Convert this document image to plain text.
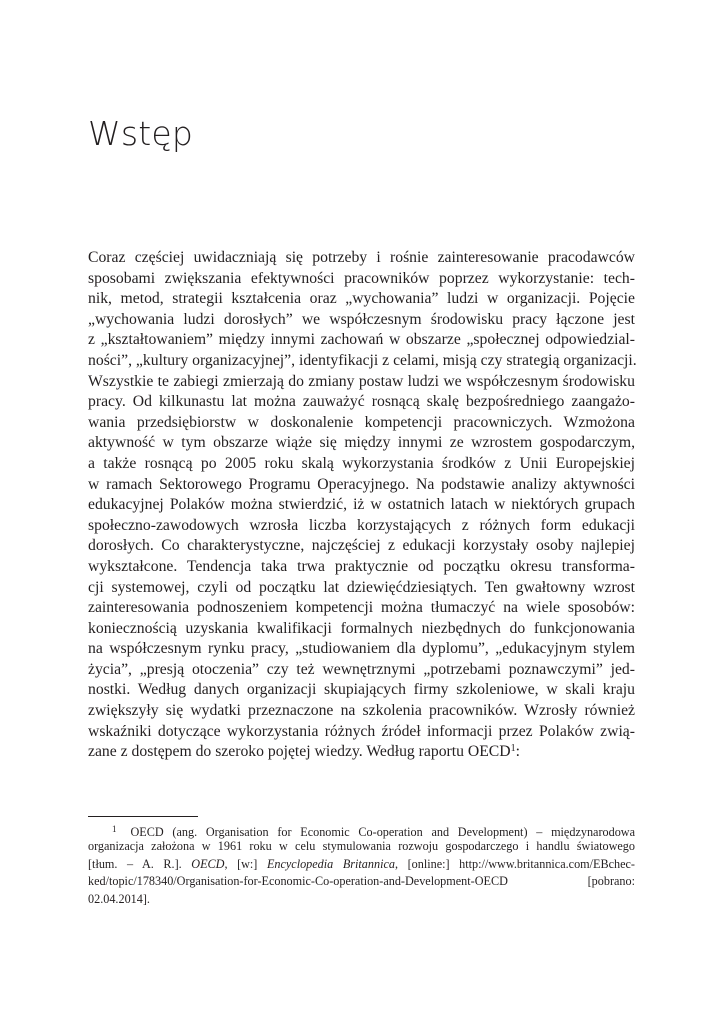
Wstęp
Coraz częściej uwidaczniają się potrzeby i rośnie zainteresowanie pracodawców
sposobami zwiększania efektywności pracowników poprzez wykorzystanie: tech-
nik, metod, strategii kształcenia oraz „wychowania” ludzi w organizacji. Pojęcie
„wychowania ludzi dorosłych” we współczesnym środowisku pracy łączone jest
z „kształtowaniem” między innymi zachowań w obszarze „społecznej odpowiedzial-
ności”, „kultury organizacyjnej”, identyfikacji z celami, misją czy strategią organizacji.
Wszystkie te zabiegi zmierzają do zmiany postaw ludzi we współczesnym środowisku
pracy. Od kilkunastu lat można zauważyć rosnącą skalę bezpośredniego zaangażo-
wania przedsiębiorstw w doskonalenie kompetencji pracowniczych. Wzmożona
aktywność w tym obszarze wiąże się między innymi ze wzrostem gospodarczym,
a także rosnącą po 2005 roku skalą wykorzystania środków z Unii Europejskiej
w ramach Sektorowego Programu Operacyjnego. Na podstawie analizy aktywności
edukacyjnej Polaków można stwierdzić, iż w ostatnich latach w niektórych grupach
społeczno-zawodowych wzrosła liczba korzystających z różnych form edukacji
dorosłych. Co charakterystyczne, najczęściej z edukacji korzystały osoby najlepiej
wykształcone. Tendencja taka trwa praktycznie od początku okresu transforma-
cji systemowej, czyli od początku lat dziewięćdziesiątych. Ten gwałtowny wzrost
zainteresowania podnoszeniem kompetencji można tłumaczyć na wiele sposobów:
koniecznością uzyskania kwalifikacji formalnych niezbędnych do funkcjonowania
na współczesnym rynku pracy, „studiowaniem dla dyplomu”, „edukacyjnym stylem
życia”, „presją otoczenia” czy też wewnętrznymi „potrzebami poznawczymi” jed-
nostki. Według danych organizacji skupiających firmy szkoleniowe, w skali kraju
zwiększyły się wydatki przeznaczone na szkolenia pracowników. Wzrosły również
wskaźniki dotyczące wykorzystania różnych źródeł informacji przez Polaków zwią-
zane z dostępem do szeroko pojętej wiedzy. Według raportu OECD$^1$:
1 OECD (ang. Organisation for Economic Co-operation and Development) – międzynarodowa
organizacja założona w 1961 roku w celu stymulowania rozwoju gospodarczego i handlu światowego
[tłum. – A. R.]. OECD, [w:] Encyclopedia Britannica, [online:] http://www.britannica.com/EBchec-
ked/topic/178340/Organisation-for-Economic-Co-operation-and-Development-OECD [pobrano:
02.04.2014].
